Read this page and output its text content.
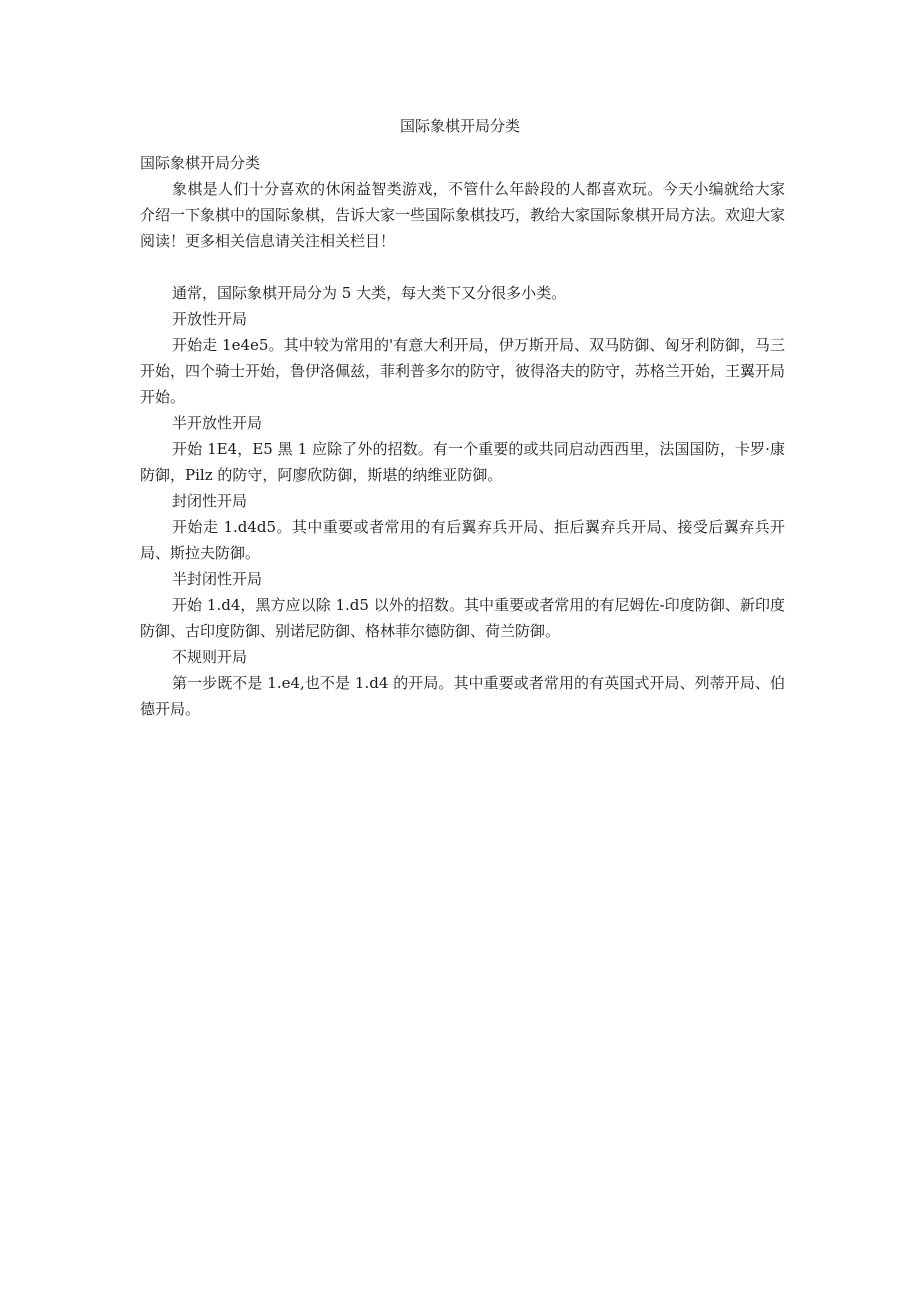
国际象棋开局分类

国际象棋开局分类

象棋是人们十分喜欢的休闲益智类游戏，不管什么年龄段的人都喜欢玩。今天小编就给大家介绍一下象棋中的国际象棋，告诉大家一些国际象棋技巧，教给大家国际象棋开局方法。欢迎大家阅读！更多相关信息请关注相关栏目！

通常，国际象棋开局分为 5 大类，每大类下又分很多小类。

开放性开局

开始走 1e4e5。其中较为常用的'有意大利开局，伊万斯开局、双马防御、匈牙利防御，马三开始，四个骑士开始，鲁伊洛佩兹，菲利普多尔的防守，彼得洛夫的防守，苏格兰开始，王翼开局开始。

半开放性开局

开始 1E4，E5 黑 1 应除了外的招数。有一个重要的或共同启动西西里，法国国防，卡罗·康防御，Pilz 的防守，阿廖欣防御，斯堪的纳维亚防御。

封闭性开局

开始走 1.d4d5。其中重要或者常用的有后翼弃兵开局、拒后翼弃兵开局、接受后翼弃兵开局、斯拉夫防御。

半封闭性开局

开始 1.d4，黑方应以除 1.d5 以外的招数。其中重要或者常用的有尼姆佐-印度防御、新印度防御、古印度防御、别诺尼防御、格林菲尔德防御、荷兰防御。

不规则开局

第一步既不是 1.e4,也不是 1.d4 的开局。其中重要或者常用的有英国式开局、列蒂开局、伯德开局。
